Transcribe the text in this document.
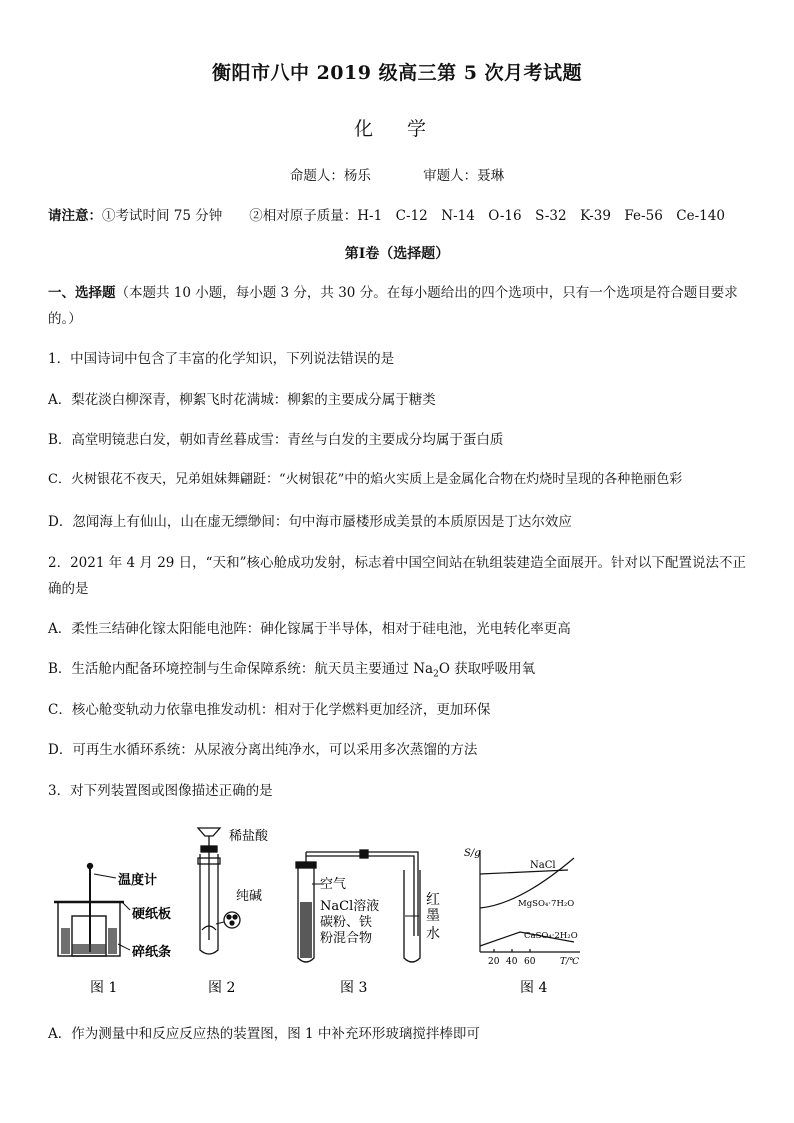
衡阳市八中 2019 级高三第 5 次月考试题
化 学
命题人：杨乐	审题人：聂琳
请注意：①考试时间 75 分钟　　②相对原子质量：H-1　C-12　N-14　O-16　S-32　K-39　Fe-56　Ce-140
第Ⅰ卷（选择题）
一、选择题（本题共 10 小题，每小题 3 分，共 30 分。在每小题给出的四个选项中，只有一个选项是符合题目要求的。）
1．中国诗词中包含了丰富的化学知识，下列说法错误的是
A．梨花淡白柳深青，柳絮飞时花满城：柳絮的主要成分属于糖类
B．高堂明镜悲白发，朝如青丝暮成雪：青丝与白发的主要成分均属于蛋白质
C．火树银花不夜天，兄弟姐妹舞翩跹：“火树银花”中的焰火实质上是金属化合物在灼烧时呈现的各种艳丽色彩
D．忽闻海上有仙山，山在虚无缥缈间：句中海市蜃楼形成美景的本质原因是丁达尔效应
2．2021 年 4 月 29 日，“天和”核心舱成功发射，标志着中国空间站在轨组装建造全面展开。针对以下配置说法不正确的是
A．柔性三结砷化镓太阳能电池阵：砷化镓属于半导体，相对于硅电池，光电转化率更高
B．生活舱内配备环境控制与生命保障系统：航天员主要通过 $Na_2O$ 获取呼吸用氧
C．核心舱变轨动力依靠电推发动机：相对于化学燃料更加经济，更加环保
D．可再生水循环系统：从尿液分离出纯净水，可以采用多次蒸馏的方法
3．对下列装置图或图像描述正确的是
温度计
硬纸板
碎纸条
图 1
稀盐酸
纯碱
图 2
空气
NaCl溶液
碳粉、铁
粉混合物
红
墨
水
图 3
S/g
NaCl
MgSO₄·7H₂O
CaSO₄·2H₂O
20 40 60	T/℃
图 4
A．作为测量中和反应反应热的装置图，图 1 中补充环形玻璃搅拌棒即可
